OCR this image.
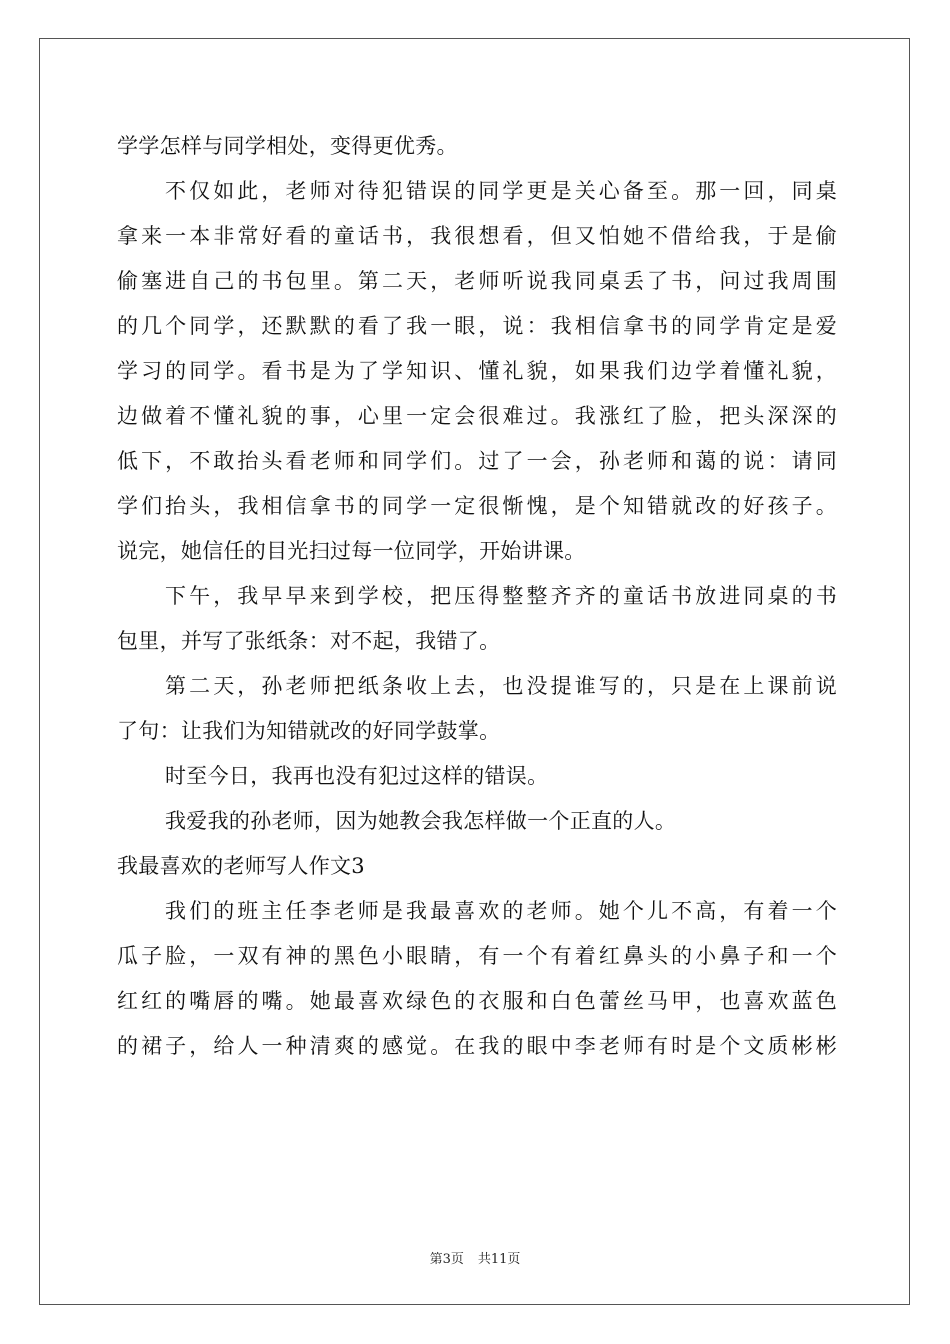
学学怎样与同学相处，变得更优秀。
不仅如此，老师对待犯错误的同学更是关心备至。那一回，同桌
拿来一本非常好看的童话书，我很想看，但又怕她不借给我，于是偷
偷塞进自己的书包里。第二天，老师听说我同桌丢了书，问过我周围
的几个同学，还默默的看了我一眼，说：我相信拿书的同学肯定是爱
学习的同学。看书是为了学知识、懂礼貌，如果我们边学着懂礼貌，
边做着不懂礼貌的事，心里一定会很难过。我涨红了脸，把头深深的
低下，不敢抬头看老师和同学们。过了一会，孙老师和蔼的说：请同
学们抬头，我相信拿书的同学一定很惭愧，是个知错就改的好孩子。
说完，她信任的目光扫过每一位同学，开始讲课。
下午，我早早来到学校，把压得整整齐齐的童话书放进同桌的书
包里，并写了张纸条：对不起，我错了。
第二天，孙老师把纸条收上去，也没提谁写的，只是在上课前说
了句：让我们为知错就改的好同学鼓掌。
时至今日，我再也没有犯过这样的错误。
我爱我的孙老师，因为她教会我怎样做一个正直的人。
我最喜欢的老师写人作文3
我们的班主任李老师是我最喜欢的老师。她个儿不高，有着一个
瓜子脸，一双有神的黑色小眼睛，有一个有着红鼻头的小鼻子和一个
红红的嘴唇的嘴。她最喜欢绿色的衣服和白色蕾丝马甲，也喜欢蓝色
的裙子，给人一种清爽的感觉。在我的眼中李老师有时是个文质彬彬
第3页 共11页
